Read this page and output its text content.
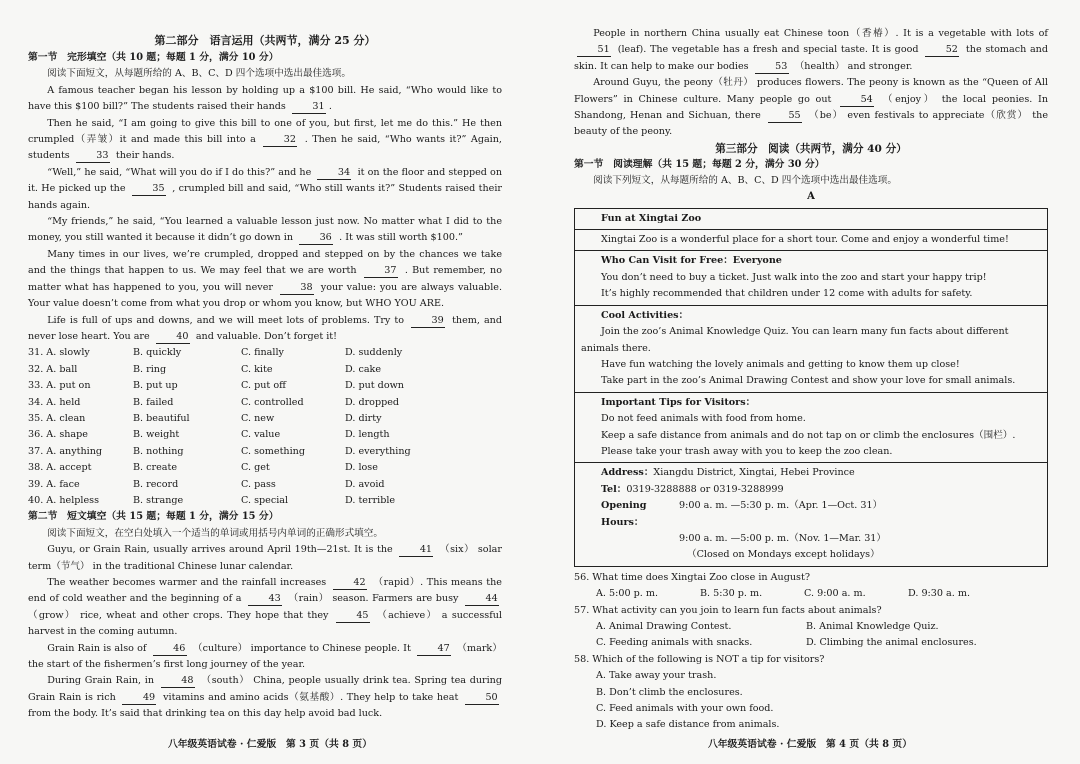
第二部分　语言运用（共两节，满分 25 分）
第一节　完形填空（共 10 题；每题 1 分，满分 10 分）
阅读下面短文，从每题所给的 A、B、C、D 四个选项中选出最佳选项。

A famous teacher began his lesson by holding up a $100 bill. He said, “Who would like to have this $100 bill?” The students raised their hands	31 .

Then he said, “I am going to give this bill to one of you, but first, let me do this.” He then crumpled（弄皱）it and made this bill into a	32 . Then he said, “Who wants it?” Again, students	33 their hands.

“Well,” he said, “What will you do if I do this?” and he	34 it on the floor and stepped on it. He picked up the	35 , crumpled bill and said, “Who still wants it?” Students raised their hands again.

“My friends,” he said, “You learned a valuable lesson just now. No matter what I did to the money, you still wanted it because it didn’t go down in	36 . It was still worth $100.”

Many times in our lives, we’re crumpled, dropped and stepped on by the chances we take and the things that happen to us. We may feel that we are worth	37 . But remember, no matter what has happened to you, you will never	38 your value: you are always valuable. Your value doesn’t come from what you drop or whom you know, but WHO YOU ARE.

Life is full of ups and downs, and we will meet lots of problems. Try to	39 them, and never lose heart. You are	40 and valuable. Don’t forget it!

31. A. slowly	B. quickly	C. finally	D. suddenly
32. A. ball	B. ring	C. kite	D. cake
33. A. put on	B. put up	C. put off	D. put down
34. A. held	B. failed	C. controlled	D. dropped
35. A. clean	B. beautiful	C. new	D. dirty
36. A. shape	B. weight	C. value	D. length
37. A. anything	B. nothing	C. something	D. everything
38. A. accept	B. create	C. get	D. lose
39. A. face	B. record	C. pass	D. avoid
40. A. helpless	B. strange	C. special	D. terrible
第二节　短文填空（共 15 题；每题 1 分，满分 15 分）
阅读下面短文，在空白处填入一个适当的单词或用括号内单词的正确形式填空。

Guyu, or Grain Rain, usually arrives around April 19th—21st. It is the	41 （six） solar term（节气） in the traditional Chinese lunar calendar.

The weather becomes warmer and the rainfall increases	42 （rapid）. This means the end of cold weather and the beginning of a	43 （rain） season. Farmers are busy	44 （grow） rice, wheat and other crops. They hope that they	45 （achieve） a successful harvest in the coming autumn.

Grain Rain is also of	46 （culture） importance to Chinese people. It	47 （mark） the start of the fishermen’s first long journey of the year.

During Grain Rain, in	48 （south） China, people usually drink tea. Spring tea during Grain Rain is rich	49 vitamins and amino acids（氨基酸）. They help to take heat	50 from the body. It’s said that drinking tea on this day help avoid bad luck.

八年级英语试卷 · 仁爱版　第 3 页（共 8 页）

People in northern China usually eat Chinese toon（香椿）. It is a vegetable with lots of 51 (leaf). The vegetable has a fresh and special taste. It is good	52 the stomach and skin. It can help to make our bodies	53 （health） and stronger.

Around Guyu, the peony（牡丹） produces flowers. The peony is known as the “Queen of All Flowers” in Chinese culture. Many people go out	54 （enjoy） the local peonies. In Shandong, Henan and Sichuan, there	55 （be） even festivals to appreciate（欣赏） the beauty of the peony.

第三部分　阅读（共两节，满分 40 分）
第一节　阅读理解（共 15 题；每题 2 分，满分 30 分）
阅读下列短文，从每题所给的 A、B、C、D 四个选项中选出最佳选项。
A
Fun at Xingtai Zoo
Xingtai Zoo is a wonderful place for a short tour. Come and enjoy a wonderful time!
Who Can Visit for Free：Everyone
You don’t need to buy a ticket. Just walk into the zoo and start your happy trip!
It’s highly recommended that children under 12 come with adults for safety.
Cool Activities：
Join the zoo’s Animal Knowledge Quiz. You can learn many fun facts about different animals there.
Have fun watching the lovely animals and getting to know them up close!
Take part in the zoo’s Animal Drawing Contest and show your love for small animals.
Important Tips for Visitors：
Do not feed animals with food from home.
Keep a safe distance from animals and do not tap on or climb the enclosures（围栏）.
Please take your trash away with you to keep the zoo clean.
Address：Xiangdu District, Xingtai, Hebei Province
Tel：0319-3288888 or 0319-3288999
Opening Hours：
9:00 a. m. —5:30 p. m.（Apr. 1—Oct. 31）
9:00 a. m. —5:00 p. m.（Nov. 1—Mar. 31）
（Closed on Mondays except holidays）
56. What time does Xingtai Zoo close in August?
A. 5:00 p. m.	B. 5:30 p. m.	C. 9:00 a. m.	D. 9:30 a. m.
57. What activity can you join to learn fun facts about animals?
A. Animal Drawing Contest.	B. Animal Knowledge Quiz.
C. Feeding animals with snacks.	D. Climbing the animal enclosures.
58. Which of the following is NOT a tip for visitors?
A. Take away your trash.
B. Don’t climb the enclosures.
C. Feed animals with your own food.
D. Keep a safe distance from animals.
八年级英语试卷 · 仁爱版　第 4 页（共 8 页）
